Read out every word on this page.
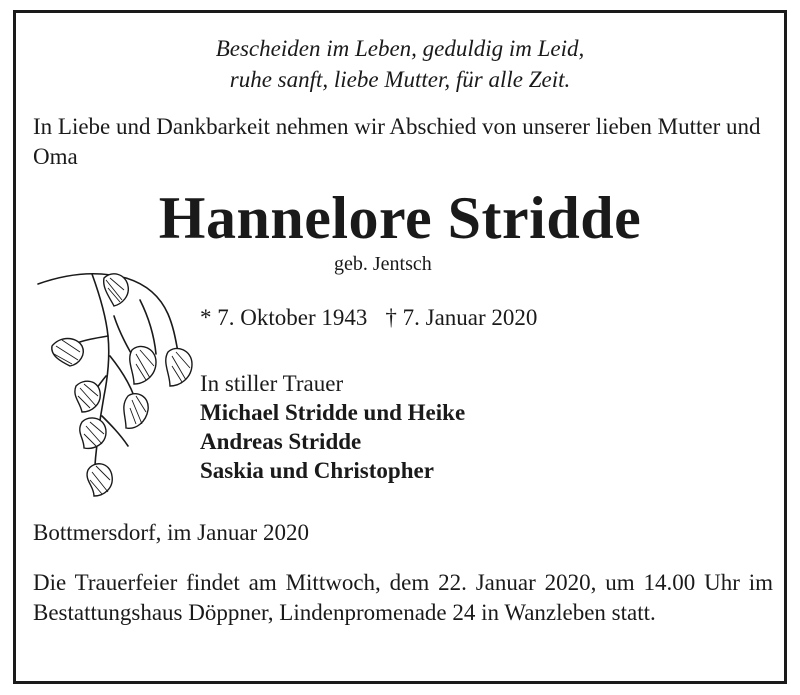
Bescheiden im Leben, geduldig im Leid,
ruhe sanft, liebe Mutter, für alle Zeit.
In Liebe und Dankbarkeit nehmen wir Abschied von unserer lieben Mutter und Oma
Hannelore Stridde
geb. Jentsch
* 7. Oktober 1943 † 7. Januar 2020
In stiller Trauer
Michael Stridde und Heike
Andreas Stridde
Saskia und Christopher
Bottmersdorf, im Januar 2020
Die Trauerfeier findet am Mittwoch, dem 22. Januar 2020, um 14.00 Uhr im Bestattungshaus Döppner, Lindenpromenade 24 in Wanzleben statt.
